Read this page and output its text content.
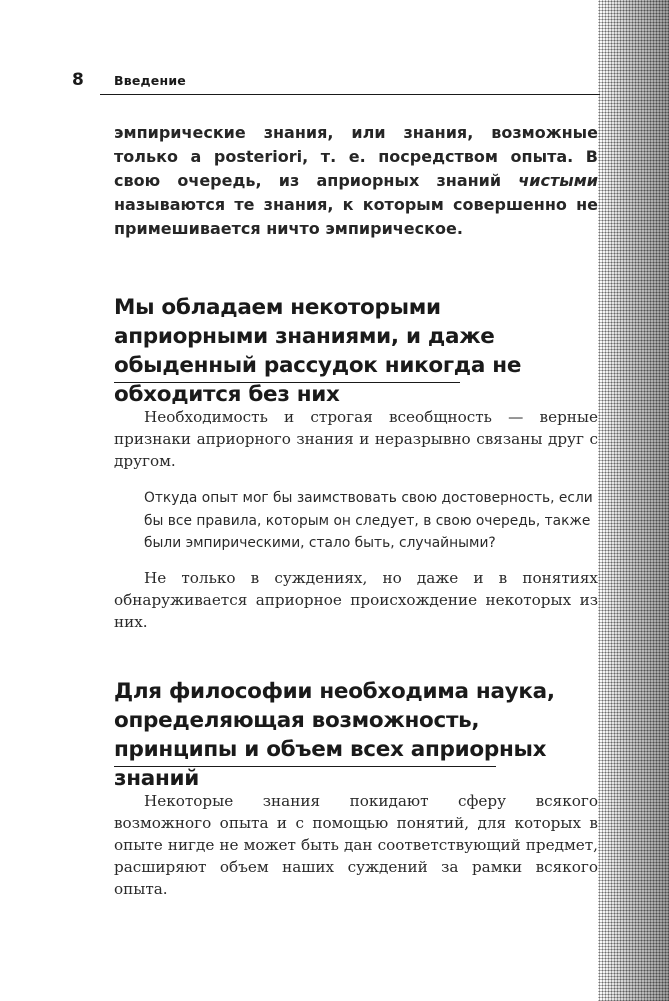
8 Введение

эмпирические знания, или знания, возможные только a posteriori, т. е. посредством опыта. В свою очередь, из априорных знаний чистыми называются те знания, к которым совершенно не примешивается ничто эмпирическое.

Мы обладаем некоторыми априорными знаниями, и даже обыденный рассудок никогда не обходится без них

Необходимость и строгая всеобщность — верные признаки априорного знания и неразрывно связаны друг с другом.

Откуда опыт мог бы заимствовать свою достоверность, если бы все правила, которым он следует, в свою очередь, также были эмпирическими, стало быть, случайными?

Не только в суждениях, но даже и в понятиях обнаруживается априорное происхождение некоторых из них.

Для философии необходима наука, определяющая возможность, принципы и объем всех априорных знаний

Некоторые знания покидают сферу всякого возможного опыта и с помощью понятий, для которых в опыте нигде не может быть дан соответствующий предмет, расширяют объем наших суждений за рамки всякого опыта.
